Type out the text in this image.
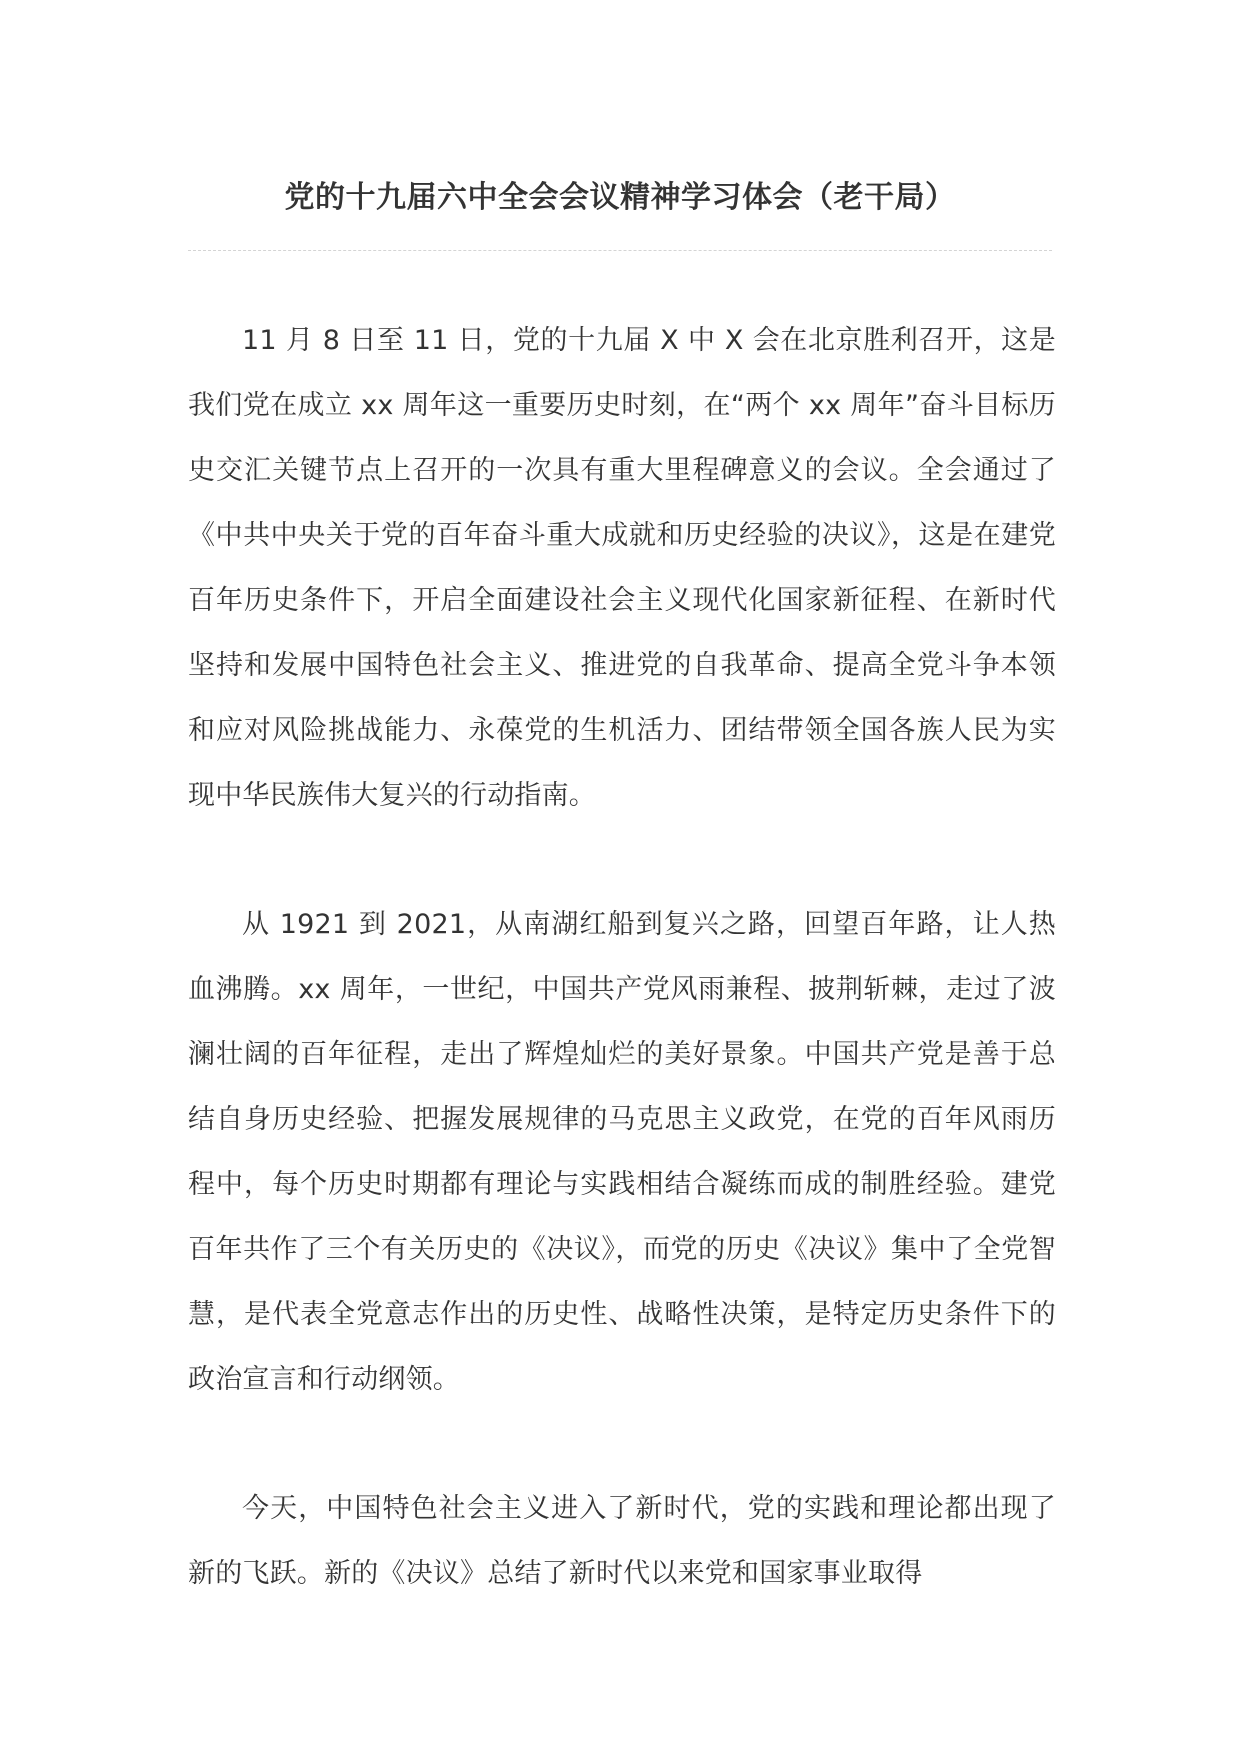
党的十九届六中全会会议精神学习体会（老干局）

11 月 8 日至 11 日，党的十九届 X 中 X 会在北京胜利召开，这是我们党在成立 xx 周年这一重要历史时刻，在“两个 xx 周年”奋斗目标历史交汇关键节点上召开的一次具有重大里程碑意义的会议。全会通过了《中共中央关于党的百年奋斗重大成就和历史经验的决议》，这是在建党百年历史条件下，开启全面建设社会主义现代化国家新征程、在新时代坚持和发展中国特色社会主义、推进党的自我革命、提高全党斗争本领和应对风险挑战能力、永葆党的生机活力、团结带领全国各族人民为实现中华民族伟大复兴的行动指南。

从 1921 到 2021，从南湖红船到复兴之路，回望百年路，让人热血沸腾。xx 周年，一世纪，中国共产党风雨兼程、披荆斩棘，走过了波澜壮阔的百年征程，走出了辉煌灿烂的美好景象。中国共产党是善于总结自身历史经验、把握发展规律的马克思主义政党，在党的百年风雨历程中，每个历史时期都有理论与实践相结合凝练而成的制胜经验。建党百年共作了三个有关历史的《决议》，而党的历史《决议》集中了全党智慧，是代表全党意志作出的历史性、战略性决策，是特定历史条件下的政治宣言和行动纲领。

今天，中国特色社会主义进入了新时代，党的实践和理论都出现了新的飞跃。新的《决议》总结了新时代以来党和国家事业取得
